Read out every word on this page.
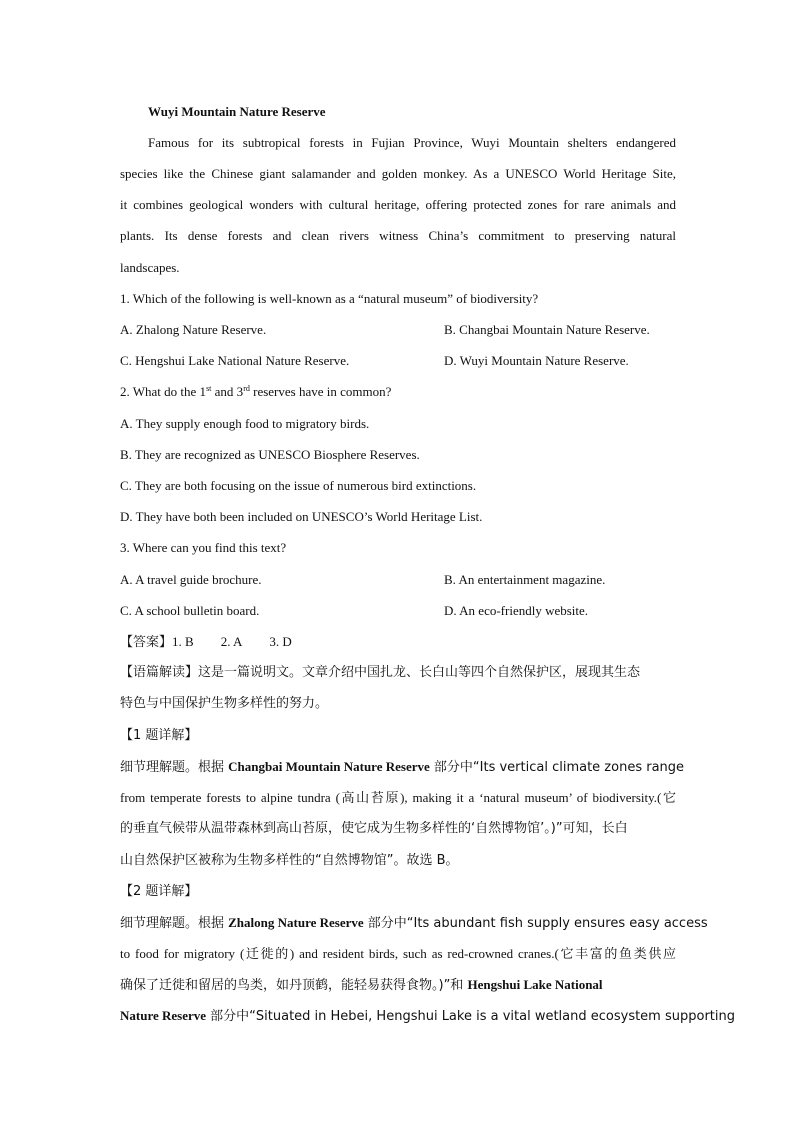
Wuyi Mountain Nature Reserve
Famous for its subtropical forests in Fujian Province, Wuyi Mountain shelters endangered
species like the Chinese giant salamander and golden monkey. As a UNESCO World Heritage Site,
it combines geological wonders with cultural heritage, offering protected zones for rare animals and
plants. Its dense forests and clean rivers witness China’s commitment to preserving natural
landscapes.
1. Which of the following is well-known as a “natural museum” of biodiversity?
A. Zhalong Nature Reserve.	B. Changbai Mountain Nature Reserve.
C. Hengshui Lake National Nature Reserve.	D. Wuyi Mountain Nature Reserve.
2. What do the 1st and 3rd reserves have in common?
A. They supply enough food to migratory birds.
B. They are recognized as UNESCO Biosphere Reserves.
C. They are both focusing on the issue of numerous bird extinctions.
D. They have both been included on UNESCO’s World Heritage List.
3. Where can you find this text?
A. A travel guide brochure.	B. An entertainment magazine.
C. A school bulletin board.	D. An eco-friendly website.
【答案】1. B 2. A 3. D
【语篇解读】这是一篇说明文。文章介绍中国扎龙、长白山等四个自然保护区，展现其生态
特色与中国保护生物多样性的努力。
【1 题详解】
细节理解题。根据 Changbai Mountain Nature Reserve 部分中“Its vertical climate zones range
from temperate forests to alpine tundra (高山苔原), making it a ‘natural museum’ of biodiversity.(它
的垂直气候带从温带森林到高山苔原，使它成为生物多样性的‘自然博物馆’。)”可知，长白
山自然保护区被称为生物多样性的“自然博物馆”。故选 B。
【2 题详解】
细节理解题。根据 Zhalong Nature Reserve 部分中“Its abundant fish supply ensures easy access
to food for migratory (迁徙的) and resident birds, such as red-crowned cranes.(它丰富的鱼类供应
确保了迁徙和留居的鸟类，如丹顶鹤，能轻易获得食物。)”和 Hengshui Lake National
Nature Reserve 部分中“Situated in Hebei, Hengshui Lake is a vital wetland ecosystem supporting
